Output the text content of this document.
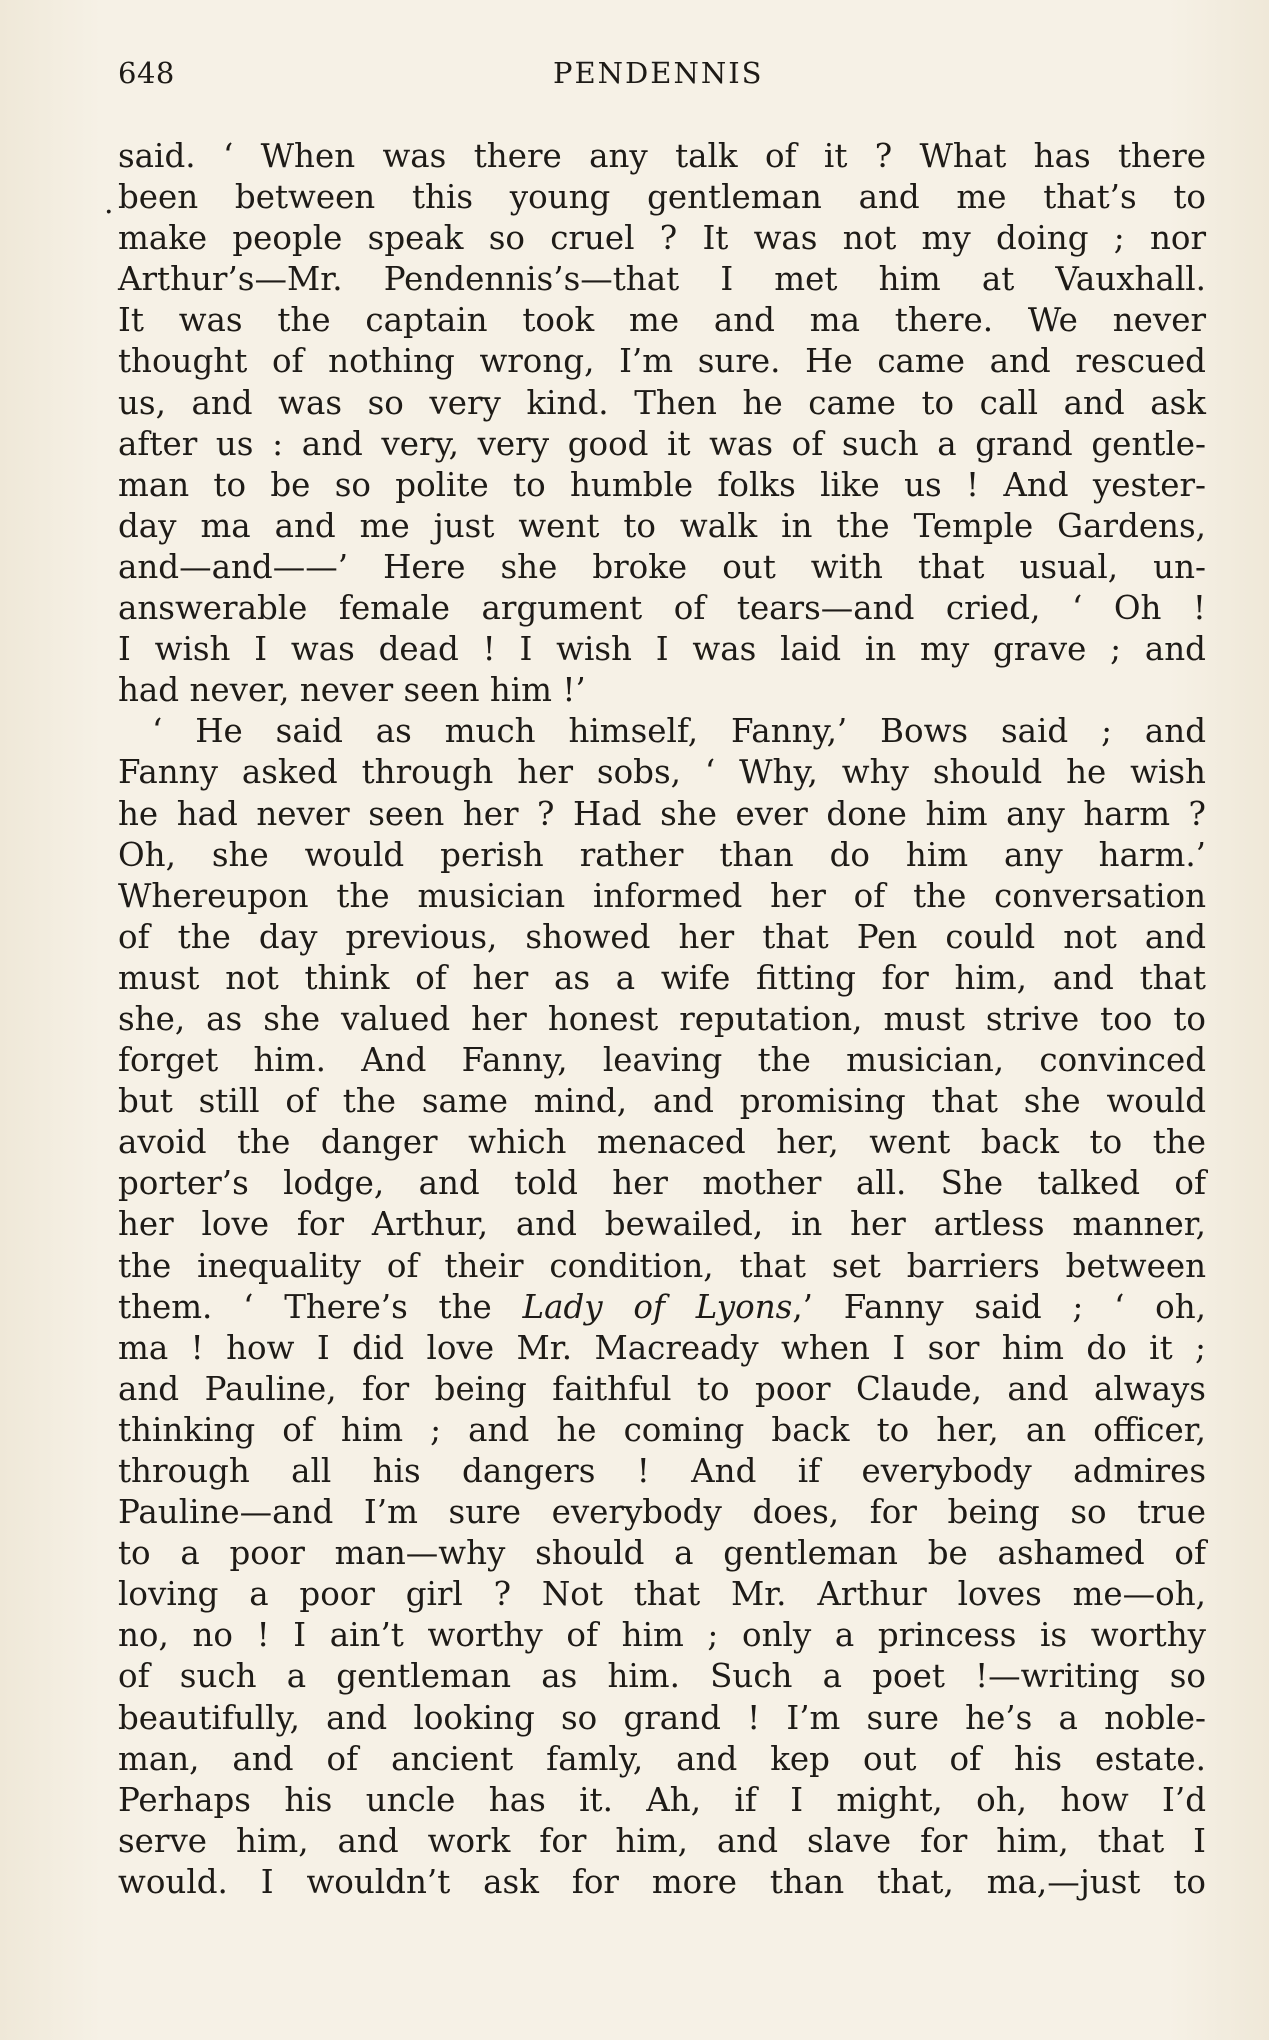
648	PENDENNIS
.
said. ‘ When was there any talk of it ? What has there
been between this young gentleman and me that’s to
make people speak so cruel ? It was not my doing ; nor
Arthur’s—Mr. Pendennis’s—that I met him at Vauxhall.
It was the captain took me and ma there. We never
thought of nothing wrong, I’m sure. He came and rescued
us, and was so very kind. Then he came to call and ask
after us : and very, very good it was of such a grand gentle-
man to be so polite to humble folks like us ! And yester-
day ma and me just went to walk in the Temple Gardens,
and—and——’ Here she broke out with that usual, un-
answerable female argument of tears—and cried, ‘ Oh !
I wish I was dead ! I wish I was laid in my grave ; and
had never, never seen him !’
‘ He said as much himself, Fanny,’ Bows said ; and
Fanny asked through her sobs, ‘ Why, why should he wish
he had never seen her ? Had she ever done him any harm ?
Oh, she would perish rather than do him any harm.’
Whereupon the musician informed her of the conversation
of the day previous, showed her that Pen could not and
must not think of her as a wife fitting for him, and that
she, as she valued her honest reputation, must strive too to
forget him. And Fanny, leaving the musician, convinced
but still of the same mind, and promising that she would
avoid the danger which menaced her, went back to the
porter’s lodge, and told her mother all. She talked of
her love for Arthur, and bewailed, in her artless manner,
the inequality of their condition, that set barriers between
them. ‘ There’s the Lady of Lyons,’ Fanny said ; ‘ oh,
ma ! how I did love Mr. Macready when I sor him do it ;
and Pauline, for being faithful to poor Claude, and always
thinking of him ; and he coming back to her, an officer,
through all his dangers ! And if everybody admires
Pauline—and I’m sure everybody does, for being so true
to a poor man—why should a gentleman be ashamed of
loving a poor girl ? Not that Mr. Arthur loves me—oh,
no, no ! I ain’t worthy of him ; only a princess is worthy
of such a gentleman as him. Such a poet !—writing so
beautifully, and looking so grand ! I’m sure he’s a noble-
man, and of ancient famly, and kep out of his estate.
Perhaps his uncle has it. Ah, if I might, oh, how I’d
serve him, and work for him, and slave for him, that I
would. I wouldn’t ask for more than that, ma,—just to
